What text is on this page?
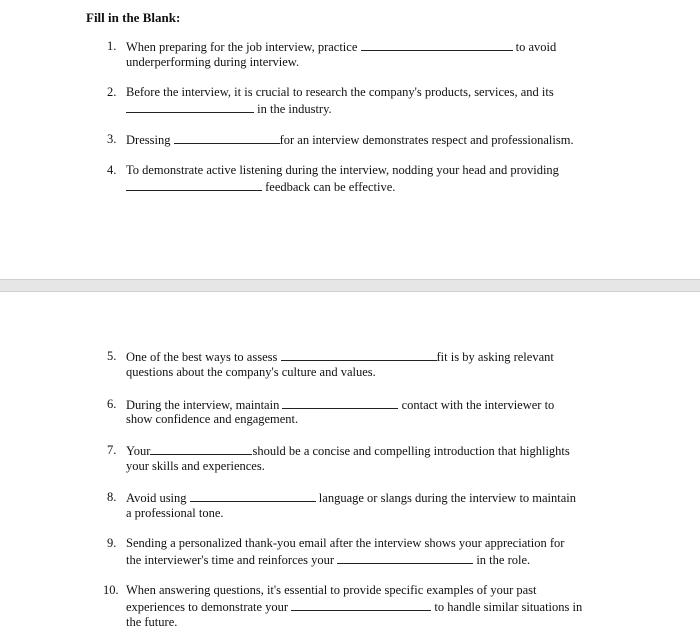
Fill in the Blank:
1. When preparing for the job interview, practice	to avoid
underperforming during interview.
2. Before the interview, it is crucial to research the company's products, services, and its
in the industry.
3. Dressing	for an interview demonstrates respect and professionalism.
4. To demonstrate active listening during the interview, nodding your head and providing
feedback can be effective.
5. One of the best ways to assess	fit is by asking relevant
questions about the company's culture and values.
6. During the interview, maintain	contact with the interviewer to
show confidence and engagement.
7. Your	should be a concise and compelling introduction that highlights
your skills and experiences.
8. Avoid using	language or slangs during the interview to maintain
a professional tone.
9. Sending a personalized thank-you email after the interview shows your appreciation for
the interviewer's time and reinforces your	in the role.
10. When answering questions, it's essential to provide specific examples of your past
experiences to demonstrate your	to handle similar situations in
the future.
